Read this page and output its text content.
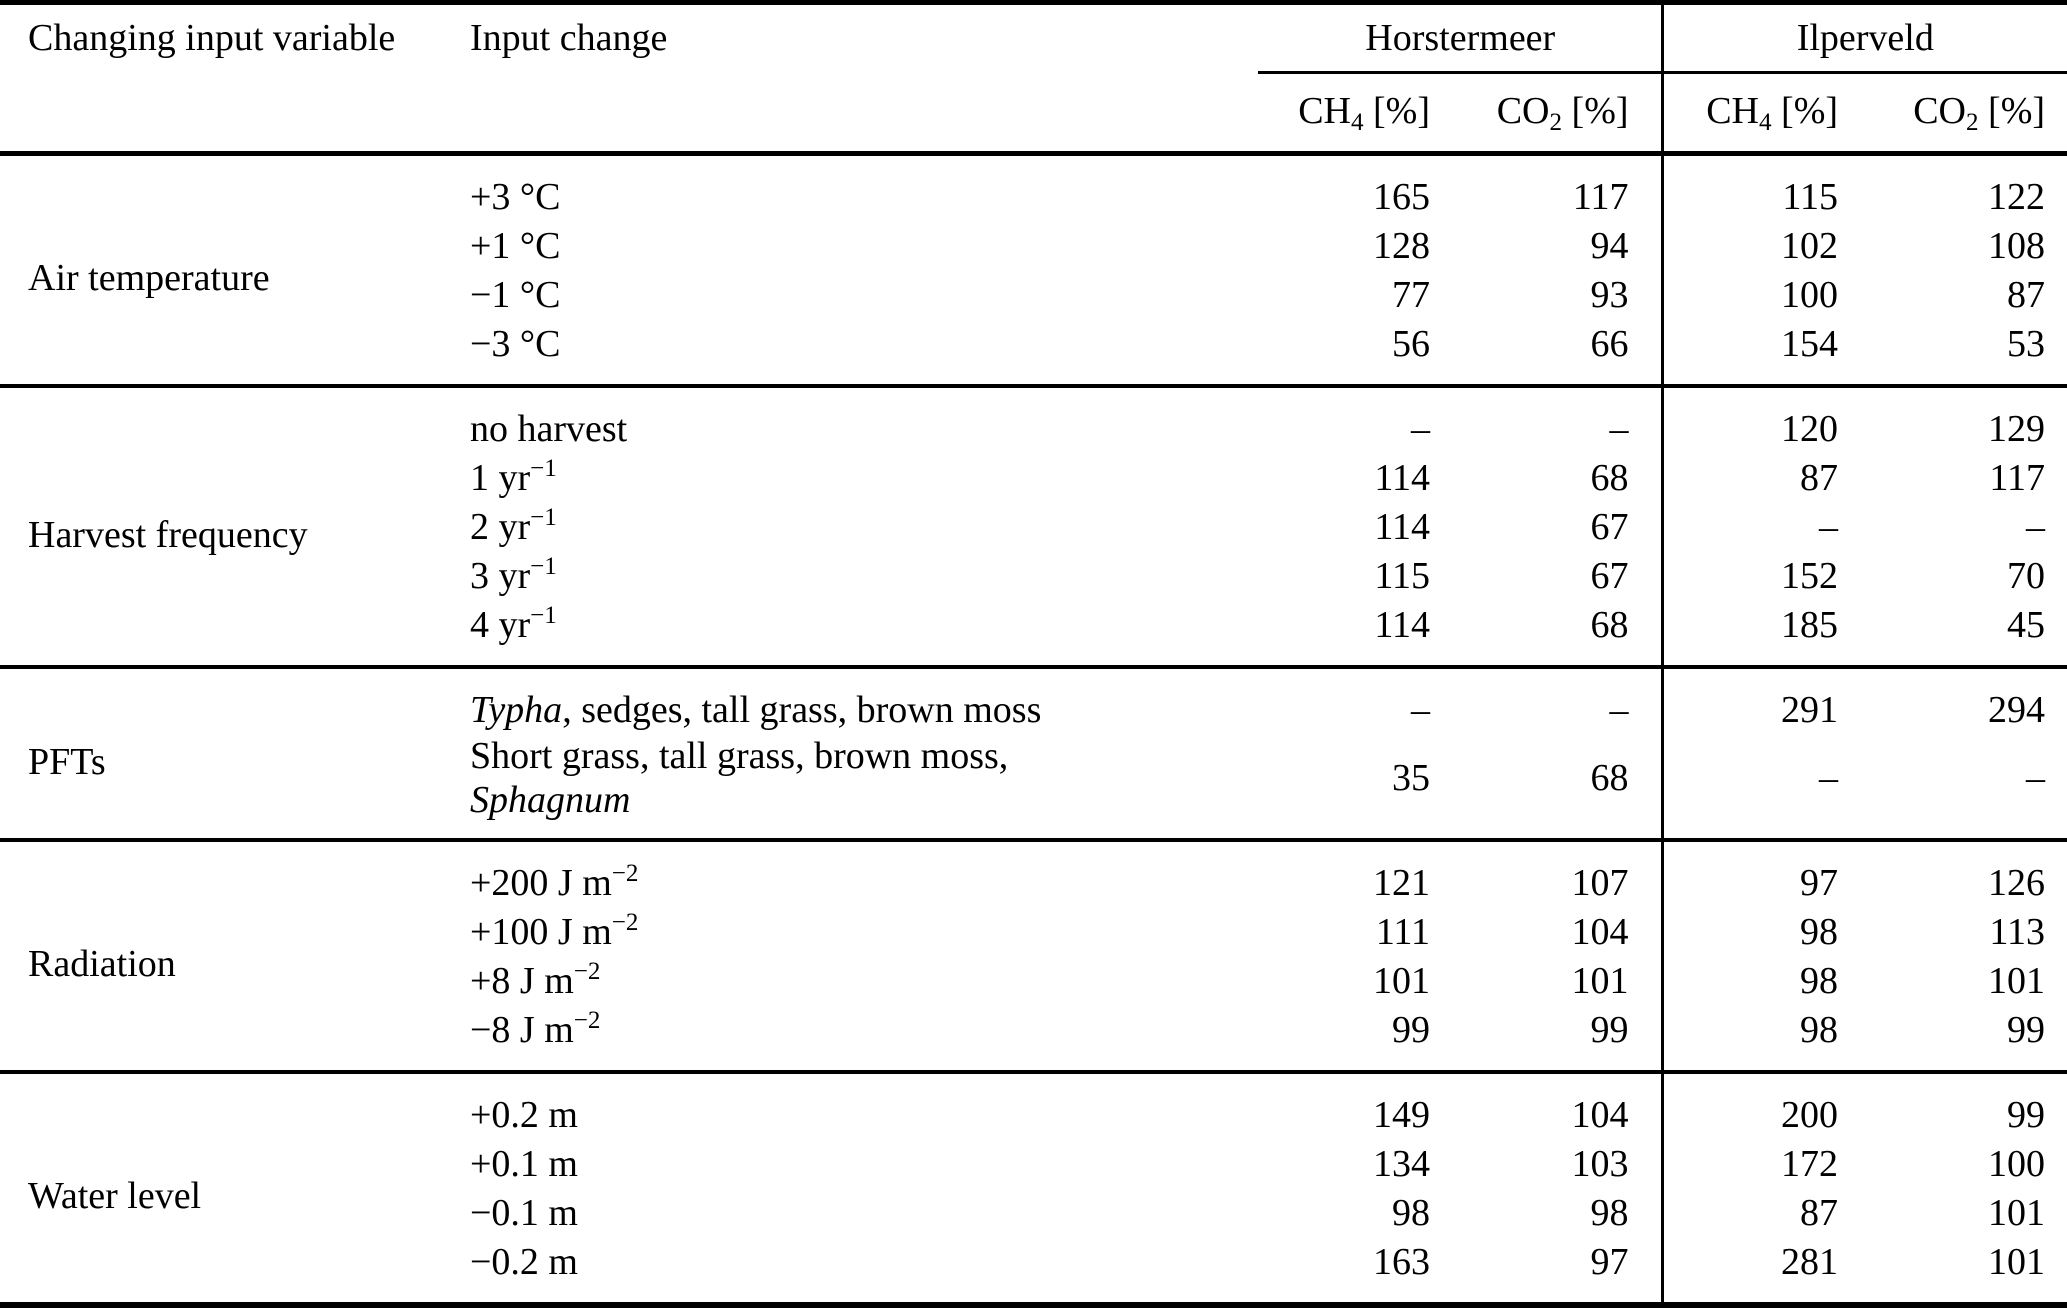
Changing input variable	Input change	Horstermeer		Ilperveld	
		CH4 [%]	CO2 [%]	CH4 [%]	CO2 [%]
Air temperature	+3 °C	165	117	115	122
	+1 °C	128	94	102	108
	−1 °C	77	93	100	87
	−3 °C	56	66	154	53
Harvest frequency	no harvest	–	–	120	129
	1 $yr^{-1}$	114	68	87	117
	2 $yr^{-1}$	114	67	–	–
	3 $yr^{-1}$	115	67	152	70
	4 $yr^{-1}$	114	68	185	45
PFTs	Typha, sedges, tall grass, brown moss	–	–	291	294
	Short grass, tall grass, brown moss, Sphagnum	35	68	–	–
Radiation	+200 J $m^{-2}$	121	107	97	126
	+100 J $m^{-2}$	111	104	98	113
	+8 J $m^{-2}$	101	101	98	101
	−8 J $m^{-2}$	99	99	98	99
Water level	+0.2 m	149	104	200	99
	+0.1 m	134	103	172	100
	−0.1 m	98	98	87	101
	−0.2 m	163	97	281	101
